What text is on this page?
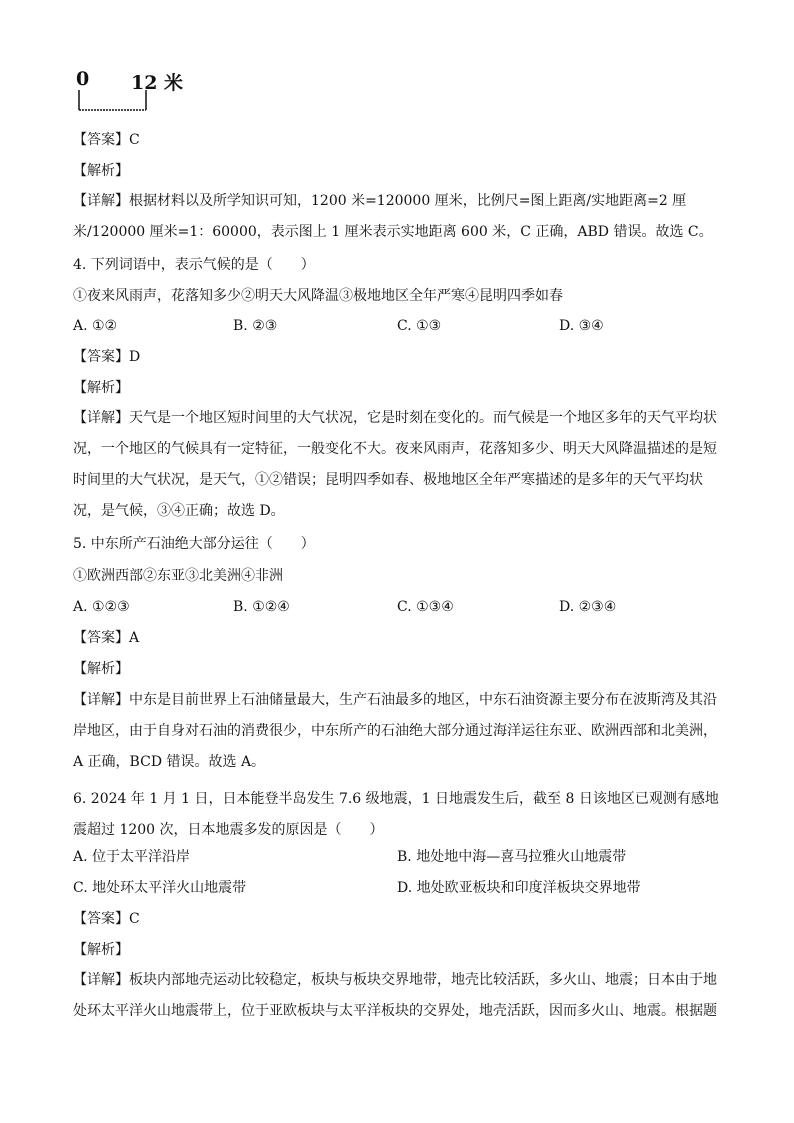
0 12 米
【答案】C
【解析】
【详解】根据材料以及所学知识可知，1200 米=120000 厘米，比例尺=图上距离/实地距离=2 厘米/120000 厘米=1：60000，表示图上 1 厘米表示实地距离 600 米，C 正确，ABD 错误。故选 C。
4. 下列词语中，表示气候的是（　　）
①夜来风雨声，花落知多少②明天大风降温③极地地区全年严寒④昆明四季如春
A. ①②	B. ②③	C. ①③	D. ③④
【答案】D
【解析】
【详解】天气是一个地区短时间里的大气状况，它是时刻在变化的。而气候是一个地区多年的天气平均状况，一个地区的气候具有一定特征，一般变化不大。夜来风雨声，花落知多少、明天大风降温描述的是短时间里的大气状况，是天气，①②错误；昆明四季如春、极地地区全年严寒描述的是多年的天气平均状况，是气候，③④正确；故选 D。
5. 中东所产石油绝大部分运往（　　）
①欧洲西部②东亚③北美洲④非洲
A. ①②③	B. ①②④	C. ①③④	D. ②③④
【答案】A
【解析】
【详解】中东是目前世界上石油储量最大，生产石油最多的地区，中东石油资源主要分布在波斯湾及其沿岸地区，由于自身对石油的消费很少，中东所产的石油绝大部分通过海洋运往东亚、欧洲西部和北美洲，A 正确，BCD 错误。故选 A。
6. 2024 年 1 月 1 日，日本能登半岛发生 7.6 级地震，1 日地震发生后，截至 8 日该地区已观测有感地震超过 1200 次，日本地震多发的原因是（　　）
A. 位于太平洋沿岸	B. 地处地中海—喜马拉雅火山地震带
C. 地处环太平洋火山地震带	D. 地处欧亚板块和印度洋板块交界地带
【答案】C
【解析】
【详解】板块内部地壳运动比较稳定，板块与板块交界地带，地壳比较活跃，多火山、地震；日本由于地处环太平洋火山地震带上，位于亚欧板块与太平洋板块的交界处，地壳活跃，因而多火山、地震。根据题
